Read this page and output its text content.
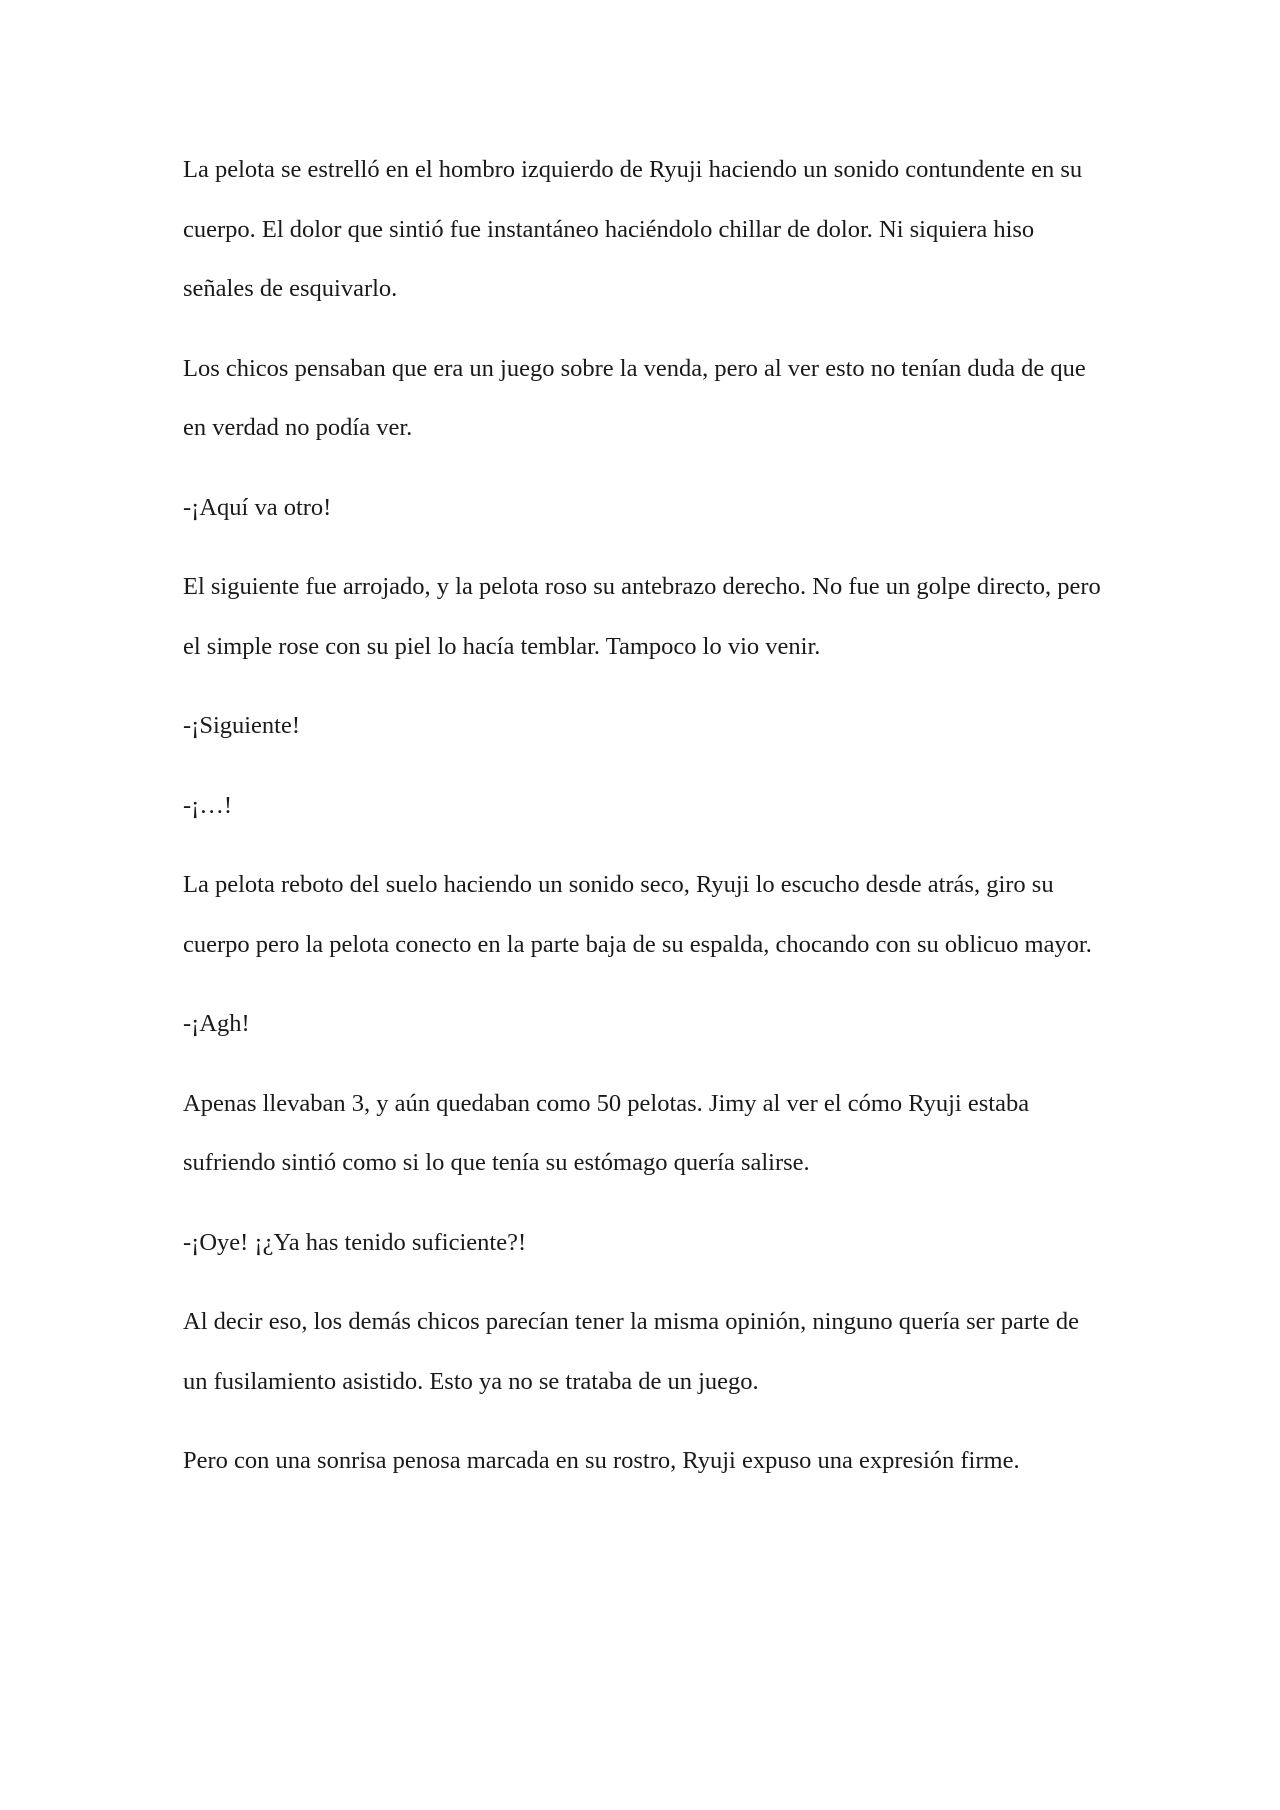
La pelota se estrelló en el hombro izquierdo de Ryuji haciendo un sonido contundente en su cuerpo. El dolor que sintió fue instantáneo haciéndolo chillar de dolor. Ni siquiera hiso señales de esquivarlo.

Los chicos pensaban que era un juego sobre la venda, pero al ver esto no tenían duda de que en verdad no podía ver.

-¡Aquí va otro!

El siguiente fue arrojado, y la pelota roso su antebrazo derecho. No fue un golpe directo, pero el simple rose con su piel lo hacía temblar. Tampoco lo vio venir.

-¡Siguiente!

-¡…!

La pelota reboto del suelo haciendo un sonido seco, Ryuji lo escucho desde atrás, giro su cuerpo pero la pelota conecto en la parte baja de su espalda, chocando con su oblicuo mayor.

-¡Agh!

Apenas llevaban 3, y aún quedaban como 50 pelotas. Jimy al ver el cómo Ryuji estaba sufriendo sintió como si lo que tenía su estómago quería salirse.

-¡Oye! ¡¿Ya has tenido suficiente?!

Al decir eso, los demás chicos parecían tener la misma opinión, ninguno quería ser parte de un fusilamiento asistido. Esto ya no se trataba de un juego.

Pero con una sonrisa penosa marcada en su rostro, Ryuji expuso una expresión firme.
